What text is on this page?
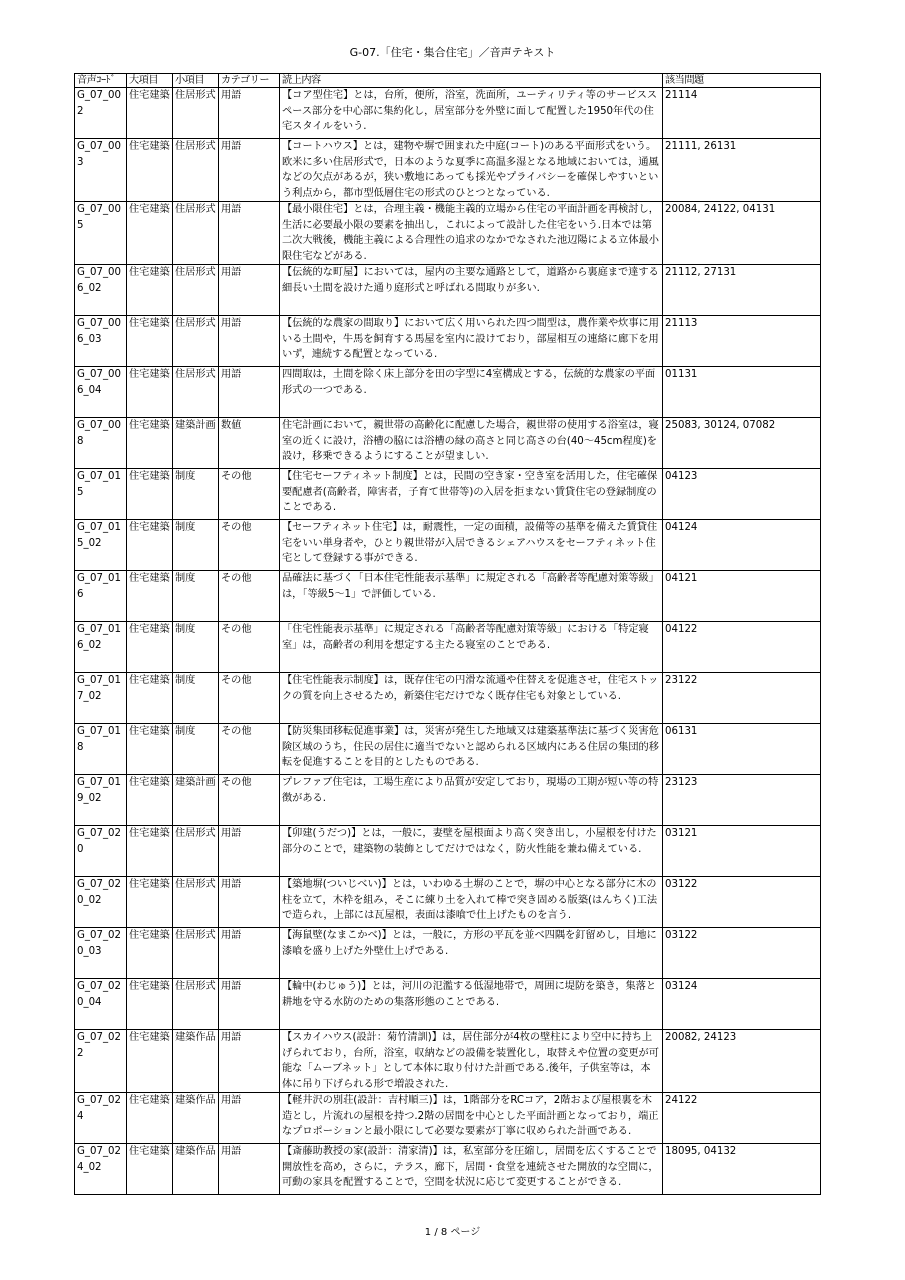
G-07.「住宅・集合住宅」／音声テキスト
音声ｺｰﾄﾞ	大項目	小項目	カテゴリー	読上内容	該当問題
G_07_002	住宅建築	住居形式	用語	【コア型住宅】とは，台所，便所，浴室，洗面所，ユーティリティ等のサービススペース部分を中心部に集約化し，居室部分を外壁に面して配置した1950年代の住宅スタイルをいう.	21114
G_07_003	住宅建築	住居形式	用語	【コートハウス】とは，建物や塀で囲まれた中庭(コート)のある平面形式をいう。欧米に多い住居形式で，日本のような夏季に高温多湿となる地域においては，通風などの欠点があるが，狭い敷地にあっても採光やプライバシーを確保しやすいという利点から，都市型低層住宅の形式のひとつとなっている.	21111, 26131
G_07_005	住宅建築	住居形式	用語	【最小限住宅】とは，合理主義・機能主義的立場から住宅の平面計画を再検討し，生活に必要最小限の要素を抽出し，これによって設計した住宅をいう.日本では第二次大戦後，機能主義による合理性の追求のなかでなされた池辺陽による立体最小限住宅などがある.	20084, 24122, 04131
G_07_006_02	住宅建築	住居形式	用語	【伝統的な町屋】においては，屋内の主要な通路として，道路から裏庭まで達する細長い土間を設けた通り庭形式と呼ばれる間取りが多い.	21112, 27131
G_07_006_03	住宅建築	住居形式	用語	【伝統的な農家の間取り】において広く用いられた四つ間型は，農作業や炊事に用いる土間や，牛馬を飼育する馬屋を室内に設けており，部屋相互の連絡に廊下を用いず，連続する配置となっている.	21113
G_07_006_04	住宅建築	住居形式	用語	四間取は，土間を除く床上部分を田の字型に4室構成とする，伝統的な農家の平面形式の一つである.	01131
G_07_008	住宅建築	建築計画	数値	住宅計画において，親世帯の高齢化に配慮した場合，親世帯の使用する浴室は，寝室の近くに設け，浴槽の脇には浴槽の縁の高さと同じ高さの台(40～45cm程度)を設け，移乗できるようにすることが望ましい.	25083, 30124, 07082
G_07_015	住宅建築	制度	その他	【住宅セーフティネット制度】とは，民間の空き家・空き室を活用した，住宅確保要配慮者(高齢者，障害者，子育て世帯等)の入居を拒まない賃貸住宅の登録制度のことである.	04123
G_07_015_02	住宅建築	制度	その他	【セーフティネット住宅】は，耐震性，一定の面積，設備等の基準を備えた賃貸住宅をいい単身者や，ひとり親世帯が入居できるシェアハウスをセーフティネット住宅として登録する事ができる.	04124
G_07_016	住宅建築	制度	その他	品確法に基づく「日本住宅性能表示基準」に規定される「高齢者等配慮対策等級」は，「等級5～1」で評価している.	04121
G_07_016_02	住宅建築	制度	その他	「住宅性能表示基準」に規定される「高齢者等配慮対策等級」における「特定寝室」は，高齢者の利用を想定する主たる寝室のことである.	04122
G_07_017_02	住宅建築	制度	その他	【住宅性能表示制度】は，既存住宅の円滑な流通や住替えを促進させ，住宅ストックの質を向上させるため，新築住宅だけでなく既存住宅も対象としている.	23122
G_07_018	住宅建築	制度	その他	【防災集団移転促進事業】は，災害が発生した地域又は建築基準法に基づく災害危険区域のうち，住民の居住に適当でないと認められる区域内にある住居の集団的移転を促進することを目的としたものである.	06131
G_07_019_02	住宅建築	建築計画	その他	プレファブ住宅は，工場生産により品質が安定しており，現場の工期が短い等の特徴がある.	23123
G_07_020	住宅建築	住居形式	用語	【卯建(うだつ)】とは，一般に，妻壁を屋根面より高く突き出し，小屋根を付けた部分のことで，建築物の装飾としてだけではなく，防火性能を兼ね備えている.	03121
G_07_020_02	住宅建築	住居形式	用語	【築地塀(ついじべい)】とは，いわゆる土塀のことで，塀の中心となる部分に木の柱を立て，木枠を組み，そこに練り土を入れて棒で突き固める版築(はんちく)工法で造られ，上部には瓦屋根，表面は漆喰で仕上げたものを言う.	03122
G_07_020_03	住宅建築	住居形式	用語	【海鼠壁(なまこかべ)】とは，一般に，方形の平瓦を並べ四隅を釘留めし，目地に漆喰を盛り上げた外壁仕上げである.	03122
G_07_020_04	住宅建築	住居形式	用語	【輪中(わじゅう)】とは，河川の氾濫する低湿地帯で，周囲に堤防を築き，集落と耕地を守る水防のための集落形態のことである.	03124
G_07_022	住宅建築	建築作品	用語	【スカイハウス(設計：菊竹清訓)】は，居住部分が4枚の壁柱により空中に持ち上げられており，台所，浴室，収納などの設備を装置化し，取替えや位置の変更が可能な「ムーブネット」として本体に取り付けた計画である.後年，子供室等は，本体に吊り下げられる形で増設された.	20082, 24123
G_07_024	住宅建築	建築作品	用語	【軽井沢の別荘(設計：吉村順三)】は，1階部分をRCコア，2階および屋根裏を木造とし，片流れの屋根を持つ.2階の居間を中心とした平面計画となっており，端正なプロポーションと最小限にして必要な要素が丁寧に収められた計画である.	24122
G_07_024_02	住宅建築	建築作品	用語	【斎藤助教授の家(設計：清家清)】は，私室部分を圧縮し，居間を広くすることで開放性を高め，さらに，テラス，廊下，居間・食堂を連続させた開放的な空間に，可動の家具を配置することで，空間を状況に応じて変更することができる.	18095, 04132
1 / 8 ページ
